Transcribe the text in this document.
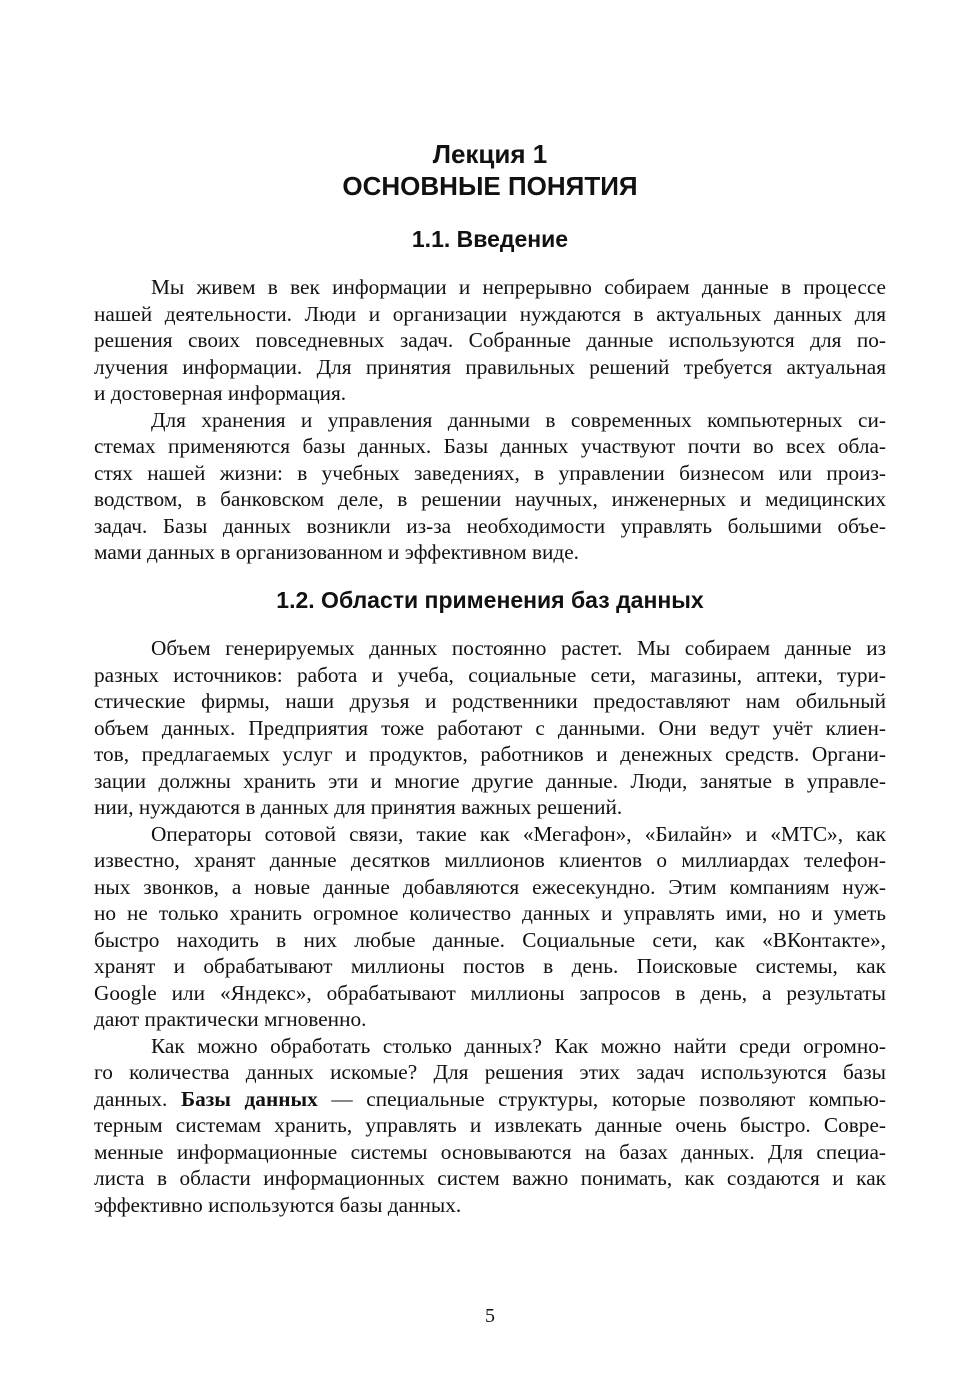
Лекция 1
ОСНОВНЫЕ ПОНЯТИЯ
1.1. Введение

Мы живем в век информации и непрерывно собираем данные в процессе
нашей деятельности. Люди и организации нуждаются в актуальных данных для
решения своих повседневных задач. Собранные данные используются для по-
лучения информации. Для принятия правильных решений требуется актуальная
и достоверная информация.

Для хранения и управления данными в современных компьютерных си-
стемах применяются базы данных. Базы данных участвуют почти во всех обла-
стях нашей жизни: в учебных заведениях, в управлении бизнесом или произ-
водством, в банковском деле, в решении научных, инженерных и медицинских
задач. Базы данных возникли из-за необходимости управлять большими объе-
мами данных в организованном и эффективном виде.

1.2. Области применения баз данных

Объем генерируемых данных постоянно растет. Мы собираем данные из
разных источников: работа и учеба, социальные сети, магазины, аптеки, тури-
стические фирмы, наши друзья и родственники предоставляют нам обильный
объем данных. Предприятия тоже работают с данными. Они ведут учёт клиен-
тов, предлагаемых услуг и продуктов, работников и денежных средств. Органи-
зации должны хранить эти и многие другие данные. Люди, занятые в управле-
нии, нуждаются в данных для принятия важных решений.

Операторы сотовой связи, такие как «Мегафон», «Билайн» и «МТС», как
известно, хранят данные десятков миллионов клиентов о миллиардах телефон-
ных звонков, а новые данные добавляются ежесекундно. Этим компаниям нуж-
но не только хранить огромное количество данных и управлять ими, но и уметь
быстро находить в них любые данные. Социальные сети, как «ВКонтакте»,
хранят и обрабатывают миллионы постов в день. Поисковые системы, как
Google или «Яндекс», обрабатывают миллионы запросов в день, а результаты
дают практически мгновенно.

Как можно обработать столько данных? Как можно найти среди огромно-
го количества данных искомые? Для решения этих задач используются базы
данных. Базы данных — специальные структуры, которые позволяют компью-
терным системам хранить, управлять и извлекать данные очень быстро. Совре-
менные информационные системы основываются на базах данных. Для специа-
листа в области информационных систем важно понимать, как создаются и как
эффективно используются базы данных.

5
